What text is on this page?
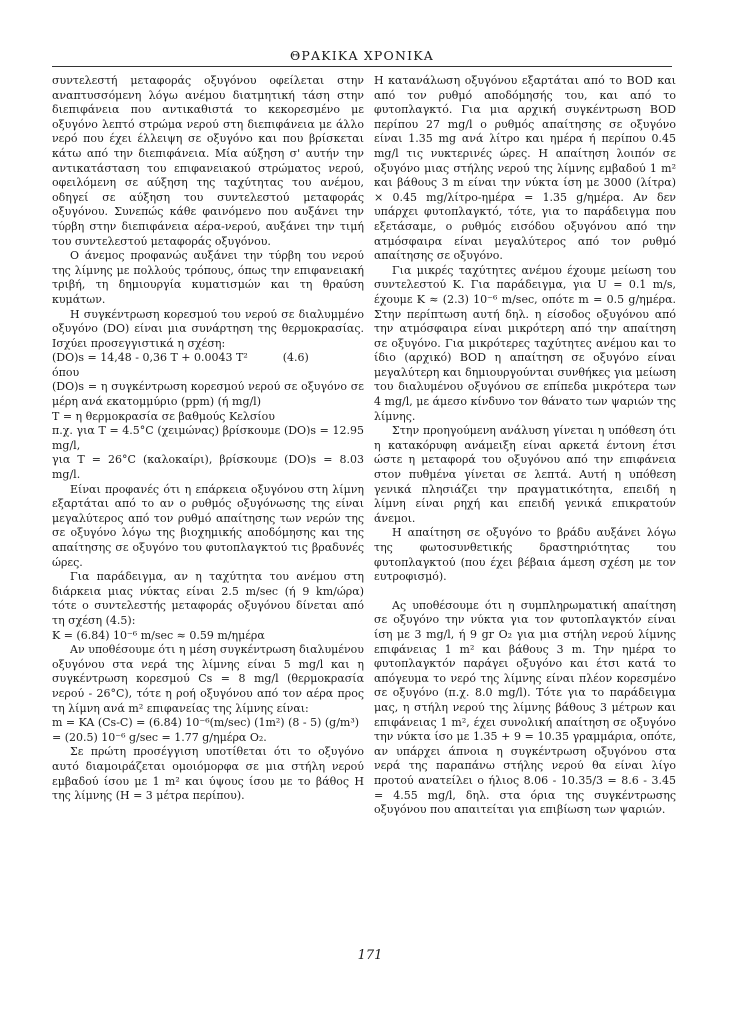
ΘΡΑΚΙΚΑ ΧΡΟΝΙΚΑ

συντελεστή μεταφοράς οξυγόνου οφείλεται στην αναπτυσσόμενη λόγω ανέμου διατμητική τάση στην διεπιφάνεια που αντικαθιστά το κεκορεσμένο με οξυγόνο λεπτό στρώμα νερού στη διεπιφάνεια με άλλο νερό που έχει έλλειψη σε οξυγόνο και που βρίσκεται κάτω από την διεπιφάνεια. Μία αύξηση σ' αυτήν την αντικατάσταση του επιφανειακού στρώματος νερού, οφειλόμενη σε αύξηση της ταχύτητας του ανέμου, οδηγεί σε αύξηση του συντελεστού μεταφοράς οξυγόνου. Συνεπώς κάθε φαινόμενο που αυξάνει την τύρβη στην διεπιφάνεια αέρα-νερού, αυξάνει την τιμή του συντελεστού μεταφοράς οξυγόνου.

Ο άνεμος προφανώς αυξάνει την τύρβη του νερού της λίμνης με πολλούς τρόπους, όπως την επιφανειακή τριβή, τη δημιουργία κυματισμών και τη θραύση κυμάτων.

Η συγκέντρωση κορεσμού του νερού σε διαλυμμένο οξυγόνο (DO) είναι μια συνάρτηση της θερμοκρασίας. Ισχύει προσεγγιστικά η σχέση:

(DO)s = 14,48 - 0,36 T + 0.0043 T²          (4.6)

όπου

(DO)s = η συγκέντρωση κορεσμού νερού σε οξυγόνο σε μέρη ανά εκατομμύριο (ppm) (ή mg/l)

T = η θερμοκρασία σε βαθμούς Κελσίου

π.χ. για T = 4.5°C (χειμώνας) βρίσκουμε (DO)s = 12.95 mg/l,

για T = 26°C (καλοκαίρι), βρίσκουμε (DO)s = 8.03 mg/l.

Είναι προφανές ότι η επάρκεια οξυγόνου στη λίμνη εξαρτάται από το αν ο ρυθμός οξυγόνωσης της είναι μεγαλύτερος από τον ρυθμό απαίτησης των νερών της σε οξυγόνο λόγω της βιοχημικής αποδόμησης και της απαίτησης σε οξυγόνο του φυτοπλαγκτού τις βραδυνές ώρες.

Για παράδειγμα, αν η ταχύτητα του ανέμου στη διάρκεια μιας νύκτας είναι 2.5 m/sec (ή 9 km/ώρα) τότε ο συντελεστής μεταφοράς οξυγόνου δίνεται από τη σχέση (4.5):

K = (6.84) 10⁻⁶ m/sec ≈ 0.59 m/ημέρα

Αν υποθέσουμε ότι η μέση συγκέντρωση διαλυμένου οξυγόνου στα νερά της λίμνης είναι 5 mg/l και η συγκέντρωση κορεσμού Cs = 8 mg/l (θερμοκρασία νερού - 26°C), τότε η ροή οξυγόνου από τον αέρα προς τη λίμνη ανά m² επιφανείας της λίμνης είναι:

m = KA (Cs-C) = (6.84) 10⁻⁶(m/sec) (1m²) (8 - 5) (g/m³)

= (20.5) 10⁻⁶ g/sec = 1.77 g/ημέρα O₂.

Σε πρώτη προσέγγιση υποτίθεται ότι το οξυγόνο αυτό διαμοιράζεται ομοιόμορφα σε μια στήλη νερού εμβαδού ίσου με 1 m² και ύψους ίσου με το βάθος H της λίμνης (H = 3 μέτρα περίπου).

Η κατανάλωση οξυγόνου εξαρτάται από το BOD και από τον ρυθμό αποδόμησής του, και από το φυτοπλαγκτό. Για μια αρχική συγκέντρωση BOD περίπου 27 mg/l ο ρυθμός απαίτησης σε οξυγόνο είναι 1.35 mg ανά λίτρο και ημέρα ή περίπου 0.45 mg/l τις νυκτερινές ώρες. Η απαίτηση λοιπόν σε οξυγόνο μιας στήλης νερού της λίμνης εμβαδού 1 m² και βάθους 3 m είναι την νύκτα ίση με 3000 (λίτρα) × 0.45 mg/λίτρο-ημέρα = 1.35 g/ημέρα. Αν δεν υπάρχει φυτοπλαγκτό, τότε, για το παράδειγμα που εξετάσαμε, ο ρυθμός εισόδου οξυγόνου από την ατμόσφαιρα είναι μεγαλύτερος από τον ρυθμό απαίτησης σε οξυγόνο.

Για μικρές ταχύτητες ανέμου έχουμε μείωση του συντελεστού K. Για παράδειγμα, για U = 0.1 m/s, έχουμε K ≈ (2.3) 10⁻⁶ m/sec, οπότε m = 0.5 g/ημέρα. Στην περίπτωση αυτή δηλ. η είσοδος οξυγόνου από την ατμόσφαιρα είναι μικρότερη από την απαίτηση σε οξυγόνο. Για μικρότερες ταχύτητες ανέμου και το ίδιο (αρχικό) BOD η απαίτηση σε οξυγόνο είναι μεγαλύτερη και δημιουργούνται συνθήκες για μείωση του διαλυμένου οξυγόνου σε επίπεδα μικρότερα των 4 mg/l, με άμεσο κίνδυνο τον θάνατο των ψαριών της λίμνης.

Στην προηγούμενη ανάλυση γίνεται η υπόθεση ότι η κατακόρυφη ανάμειξη είναι αρκετά έντονη έτσι ώστε η μεταφορά του οξυγόνου από την επιφάνεια στον πυθμένα γίνεται σε λεπτά. Αυτή η υπόθεση γενικά πλησιάζει την πραγματικότητα, επειδή η λίμνη είναι ρηχή και επειδή γενικά επικρατούν άνεμοι.

Η απαίτηση σε οξυγόνο το βράδυ αυξάνει λόγω της φωτοσυνθετικής δραστηριότητας του φυτοπλαγκτού (που έχει βέβαια άμεση σχέση με τον ευτροφισμό).

Ας υποθέσουμε ότι η συμπληρωματική απαίτηση σε οξυγόνο την νύκτα για τον φυτοπλαγκτόν είναι ίση με 3 mg/l, ή 9 gr O₂ για μια στήλη νερού λίμνης επιφάνειας 1 m² και βάθους 3 m. Την ημέρα το φυτοπλαγκτόν παράγει οξυγόνο και έτσι κατά το απόγευμα το νερό της λίμνης είναι πλέον κορεσμένο σε οξυγόνο (π.χ. 8.0 mg/l). Τότε για το παράδειγμα μας, η στήλη νερού της λίμνης βάθους 3 μέτρων και επιφάνειας 1 m², έχει συνολική απαίτηση σε οξυγόνο την νύκτα ίσο με 1.35 + 9 = 10.35 γραμμάρια, οπότε, αν υπάρχει άπνοια η συγκέντρωση οξυγόνου στα νερά της παραπάνω στήλης νερού θα είναι λίγο προτού ανατείλει ο ήλιος 8.06 - 10.35/3 = 8.6 - 3.45 = 4.55 mg/l, δηλ. στα όρια της συγκέντρωσης οξυγόνου που απαιτείται για επιβίωση των ψαριών.

171
